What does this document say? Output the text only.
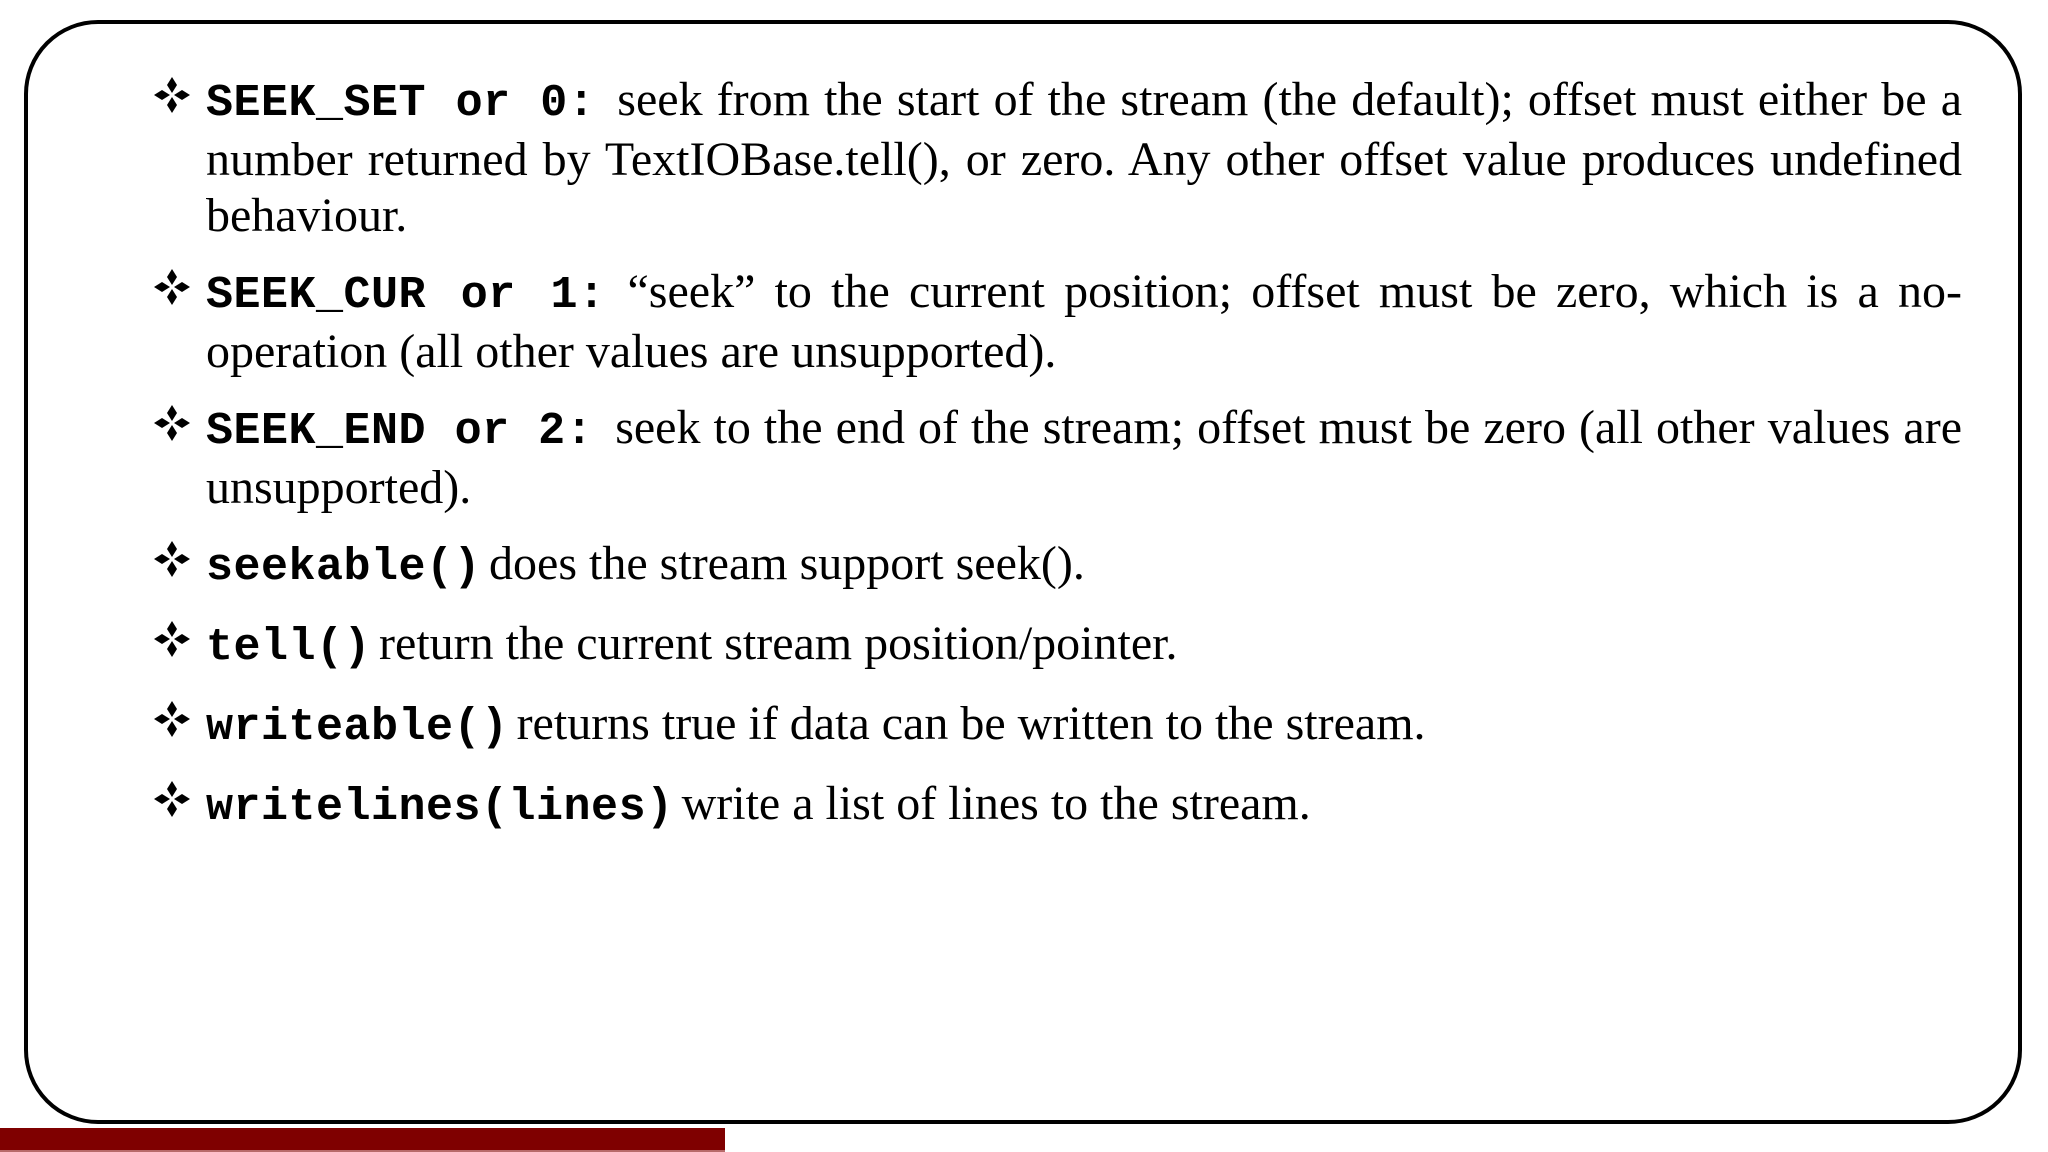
SEEK_SET or 0: seek from the start of the stream (the default); offset must either be a number returned by TextIOBase.tell(), or zero. Any other offset value produces undefined behaviour.
SEEK_CUR or 1: “seek” to the current position; offset must be zero, which is a no-operation (all other values are unsupported).
SEEK_END or 2: seek to the end of the stream; offset must be zero (all other values are unsupported).
seekable() does the stream support seek().
tell() return the current stream position/pointer.
writeable() returns true if data can be written to the stream.
writelines(lines) write a list of lines to the stream.
